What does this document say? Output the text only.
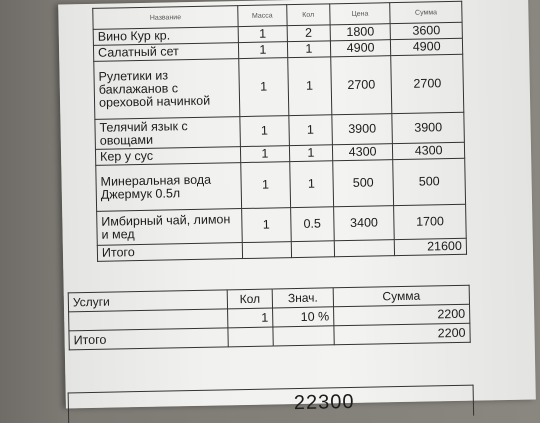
Название	Масса	Кол	Цена	Сумма
Вино Кур кр.	1	2	1800	3600
Салатный сет	1	1	4900	4900
Рулетики из баклажанов с ореховой начинкой	1	1	2700	2700
Телячий язык с овощами	1	1	3900	3900
Кер у сус	1	1	4300	4300
Минеральная вода Джермук 0.5л	1	1	500	500
Имбирный чай, лимон и мед	1	0.5	3400	1700
Итого				21600
Услуги	Кол	Знач.	Сумма
	1	10 %	2200
Итого			2200
22300
